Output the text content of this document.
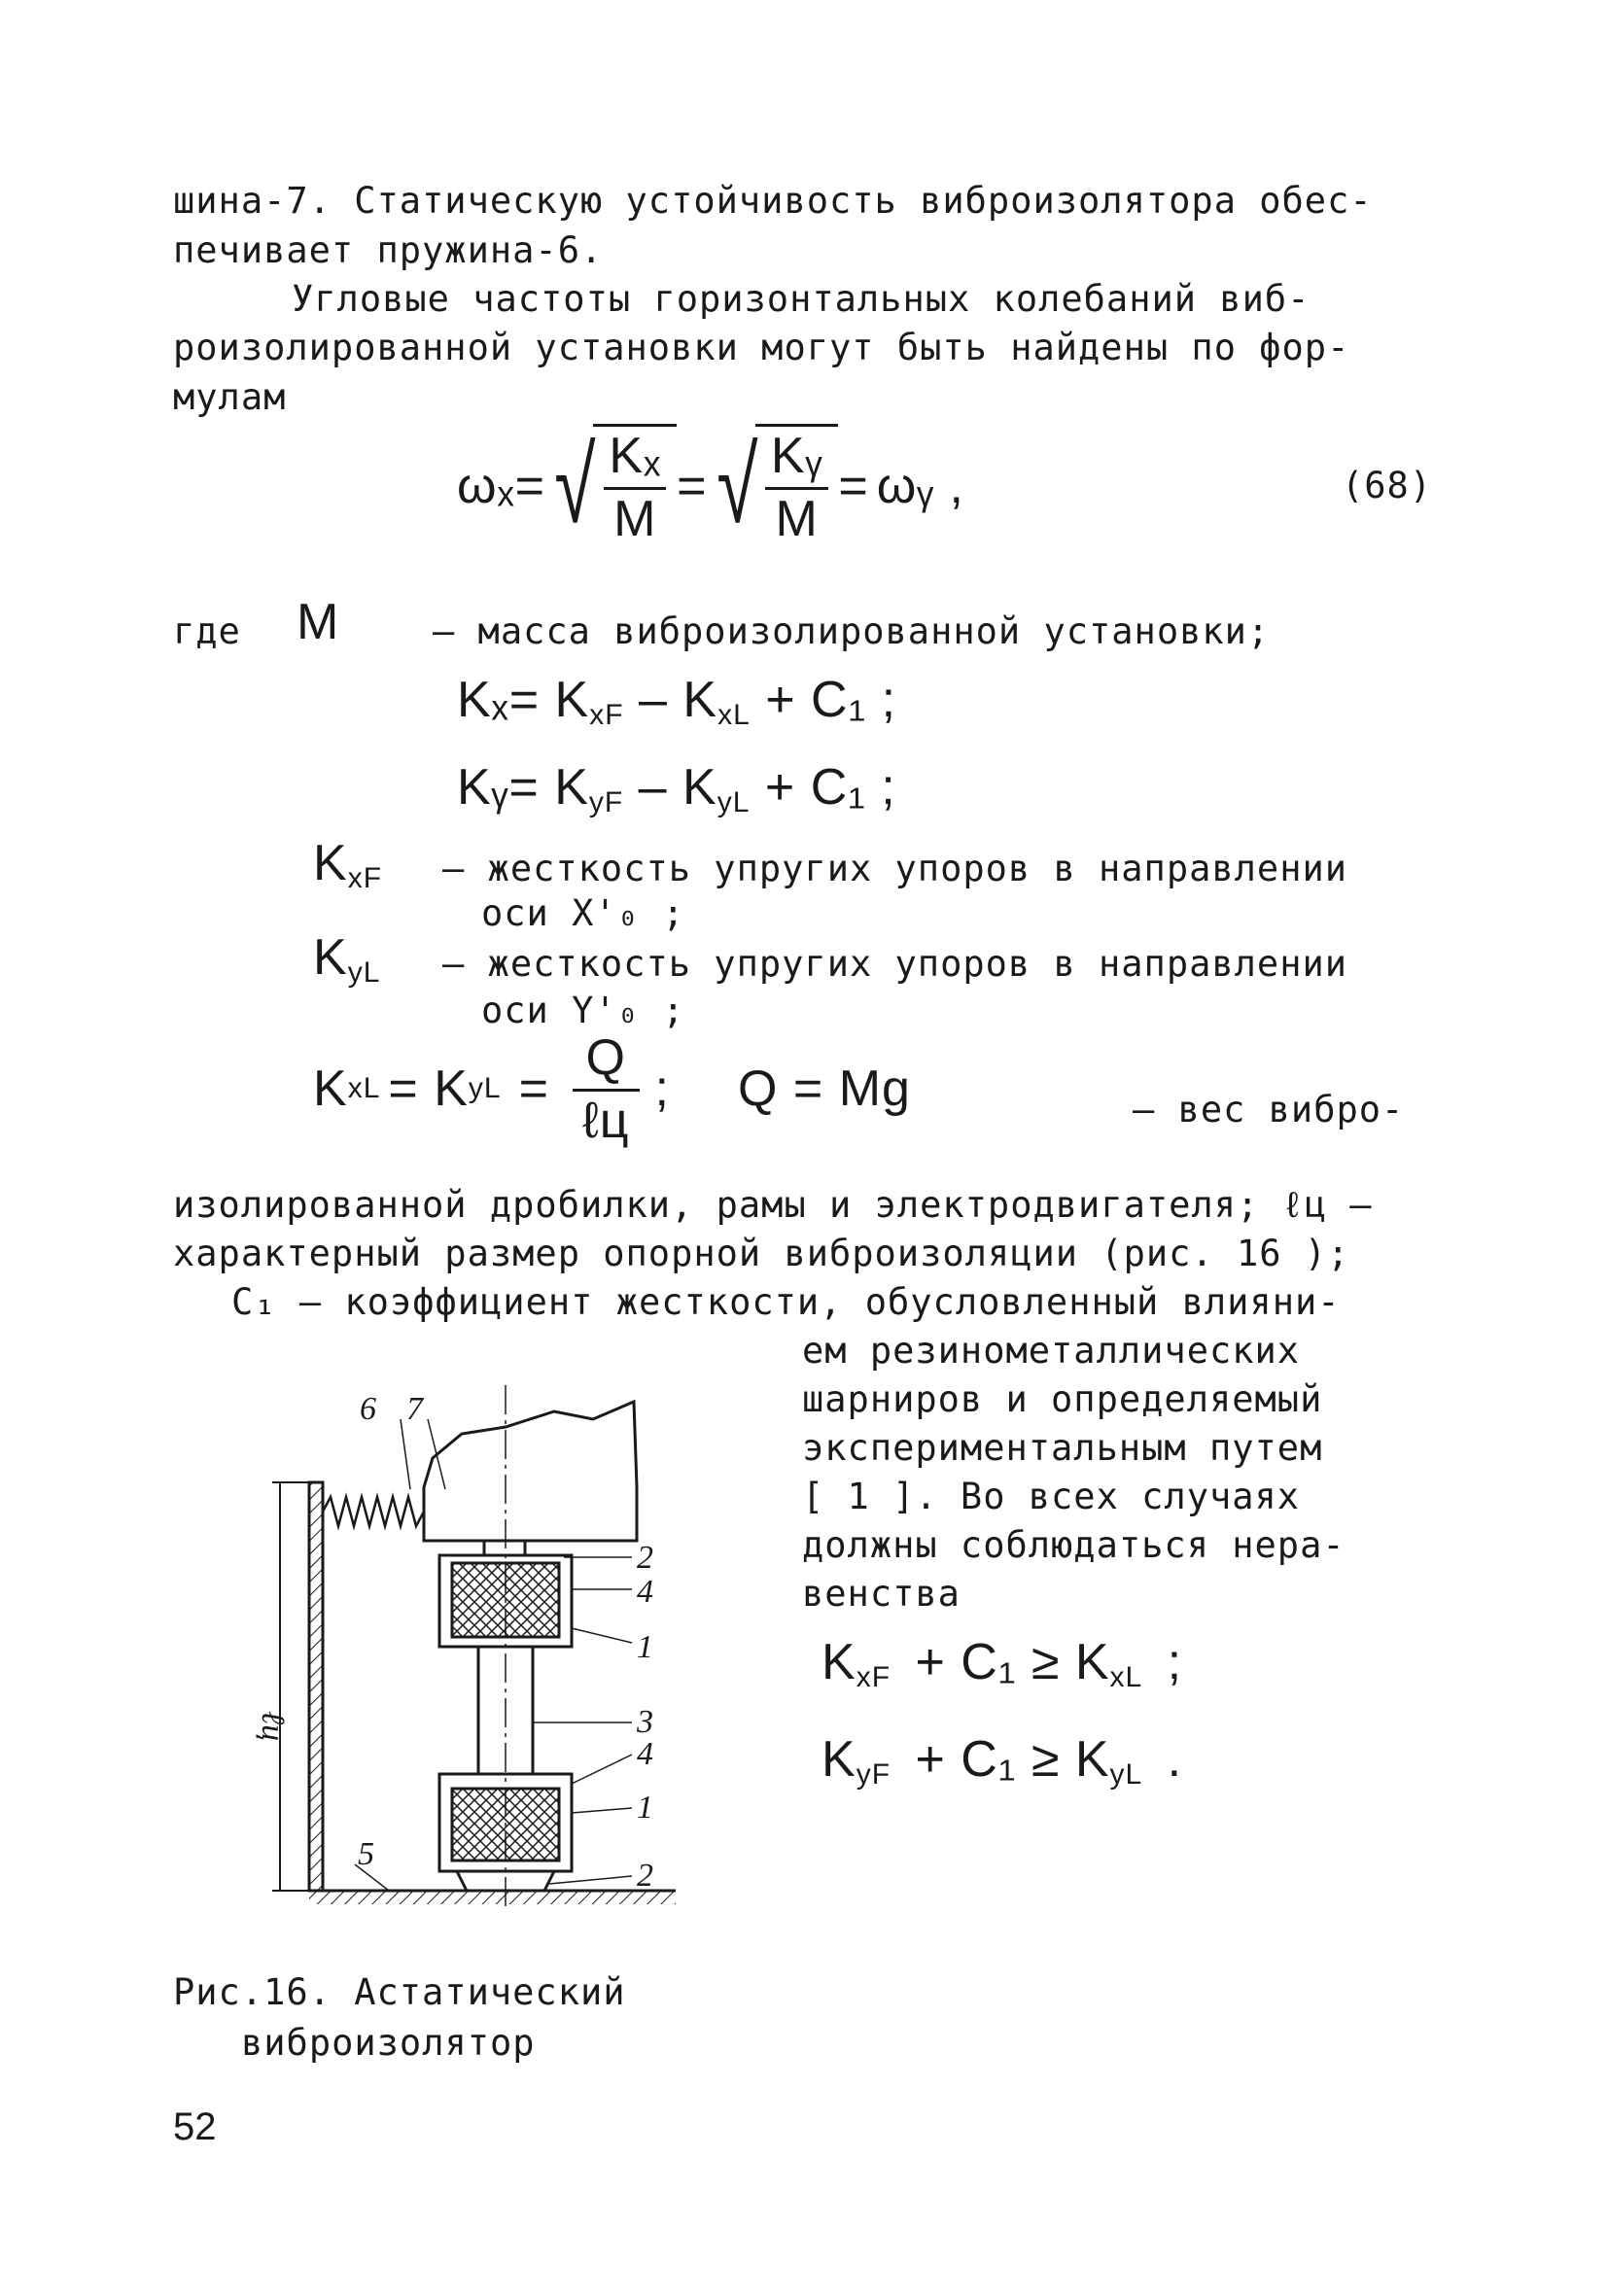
шина-7. Статическую устойчивость виброизолятора обес-
печивает пружина-6.
Угловые частоты горизонтальных колебаний виб-
роизолированной установки могут быть найдены по фор-
мулам
ωₓ = √ $\frac{\text{Kₓ}}{M}$ = √ $\frac{\text{Kᵧ}}{M}$ = ωᵧ ,	(68)
где M	– масса виброизолированной установки;
$K_x= K_{xF} - K_{xL} + C_1$ ;
Kᵧ= $K_{yF} - K_{yL} + C_1$ ;
$K_{xF}$ – жесткость упругих упоров в направлении
оси X'₀ ;
$K_{yL}$ – жесткость упругих упоров в направлении
оси Y'₀ ;
K xL = K yL = $\frac{Q}{\text{ℓц}}$ ; Q = Mg	– вес вибро-
изолированной дробилки, рамы и электродвигателя; ℓц –
характерный размер опорной виброизоляции (рис. 16 );
C₁ – коэффициент жесткости, обусловленный влияни-
ем резинометаллических
шарниров и определяемый
экспериментальным путем
[ 1 ]. Во всех случаях
должны соблюдаться нера-
венства
$K_{xF} + C_1 \ge K_{xL}$ ;
$K_{yF} + C_1 \ge K_{yL}$ .
6 7
2
4
1
3
4
1
2
5
ℓц
Рис.16. Астатический
виброизолятор
52
